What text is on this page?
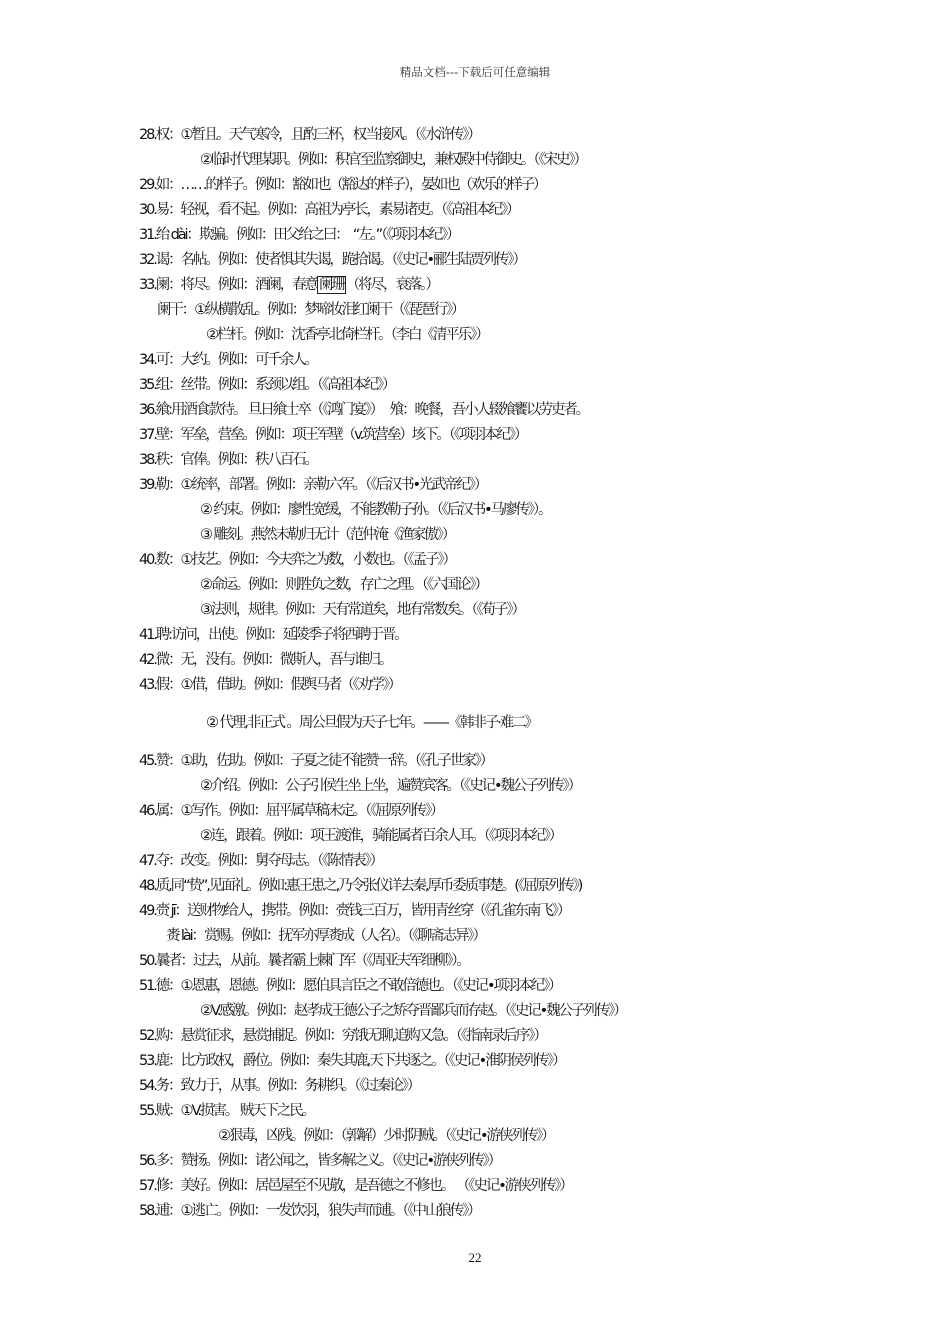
精品文档---下载后可任意编辑
28.权：①暂且。天气寒冷，且酌三杯，权当接风。（《水浒传》）
②临时代理某职。例如：积官至监察御史，兼权殿中侍御史。（《宋史》）
29.如：……的样子。例如：豁如也（豁达的样子），晏如也（欢乐的样子）
30.易：轻视，看不起。例如：高祖为亭长，素易诸吏。（《高祖本纪》）
31.绐 dài：欺骗。例如：田父绐之曰：  “左。”（《项羽本纪》）
32.谒：名帖。例如：使者惧其失谒，跪拾谒。（《史记•郦生陆贾列传》）
33.阑：将尽。例如：酒阑，春意 阑珊 （将尽，衰落。）
阑干：①纵横散乱。例如：梦啼妆泪红阑干（《琵琶行》）
②栏杆。例如：沈香亭北倚栏杆。（李白《清平乐》）
34.可：大约。例如：可千余人。
35.组：丝带。例如：系颈以组。（《高祖本纪》）
36.飨:用酒食款待。 旦日飨士卒（《鸿门宴》）   飧：晚餐，吾小人辍飧饔以劳吏者。
37.壁：军垒，营垒。例如：项王军壁（v.筑营垒）垓下。（《项羽本纪》）
38.秩：官俸。例如：秩八百石。
39.勒：①统率，部署。例如：亲勒六军。（《后汉书•光武帝纪》）
② 约束。例如：廖性宽缓，不能教勒子孙。（《后汉书•马廖传》）。
③ 雕刻。燕然未勒归无计（范仲淹《渔家傲》）
40.数：①技艺。例如：今夫弈之为数，小数也。（《孟子》）
②命运。例如：则胜负之数，存亡之理。（《六国论》）
③法则，规律。例如：天有常道矣，地有常数矣。（《荀子》）
41.聘:访问，出使。例如：延陵季子将西聘于晋。
42.微：无，没有。例如：微斯人，吾与谁归。
43.假：①借，借助。例如：假舆马者（《劝学》）
② 代理,非正式 。周公旦假为天子七年。——《韩非子·难二》
45.赞：①助，佐助。例如：子夏之徒不能赞一辞。（《孔子世家》）
②介绍。例如：公子引侯生坐上坐，遍赞宾客。（《史记•魏公子列传》）
46.属：①写作。例如：屈平属草稿未定。（《屈原列传》）
②连，跟着。例如：项王渡淮，骑能属者百余人耳。（《项羽本纪》）
47.夺：改变。例如：舅夺母志。（《陈情表》）
48.质,同“贽”,见面礼。例如:惠王患之,乃令张仪详去秦,厚币委质事楚。(《屈原列传》)
49.赍 jī：送财物给人，携带。例如：赍钱三百万，皆用青丝穿（《孔雀东南飞》）
赉 lài：赏赐。例如：抚军亦厚赉成（人名）。（《聊斋志异》）
50.曩者：过去，从前。曩者霸上棘门军（《周亚夫军细柳》）。
51.德：①恩惠，恩德。例如：愿伯具言臣之不敢倍德也。（《史记•项羽本纪》）
②V.感激。例如：赵孝成王德公子之矫夺晋鄙兵而存赵。（《史记•魏公子列传》）
52.购：悬赏征求，悬赏捕捉。例如：穷饿无聊,追购又急。（《指南录后序》）
53.鹿：比方政权，爵位。例如：秦失其鹿,天下共逐之。（《史记•淮阴侯列传》）
54.务：致力于，从事。例如：务耕织。（《过秦论》）
55.贼：①V.损害。 贼天下之民。
②狠毒，凶残。例如：（郭解）少时阴贼。（《史记•游侠列传》）
56.多：赞扬。例如：诸公闻之，皆多解之义。（《史记•游侠列传》）
57.修：美好。例如：居邑屋至不见敬，是吾德之不修也。 （《史记•游侠列传》）
58.逋：①逃亡。例如：一发饮羽，狼失声而逋。（《中山狼传》）
22
